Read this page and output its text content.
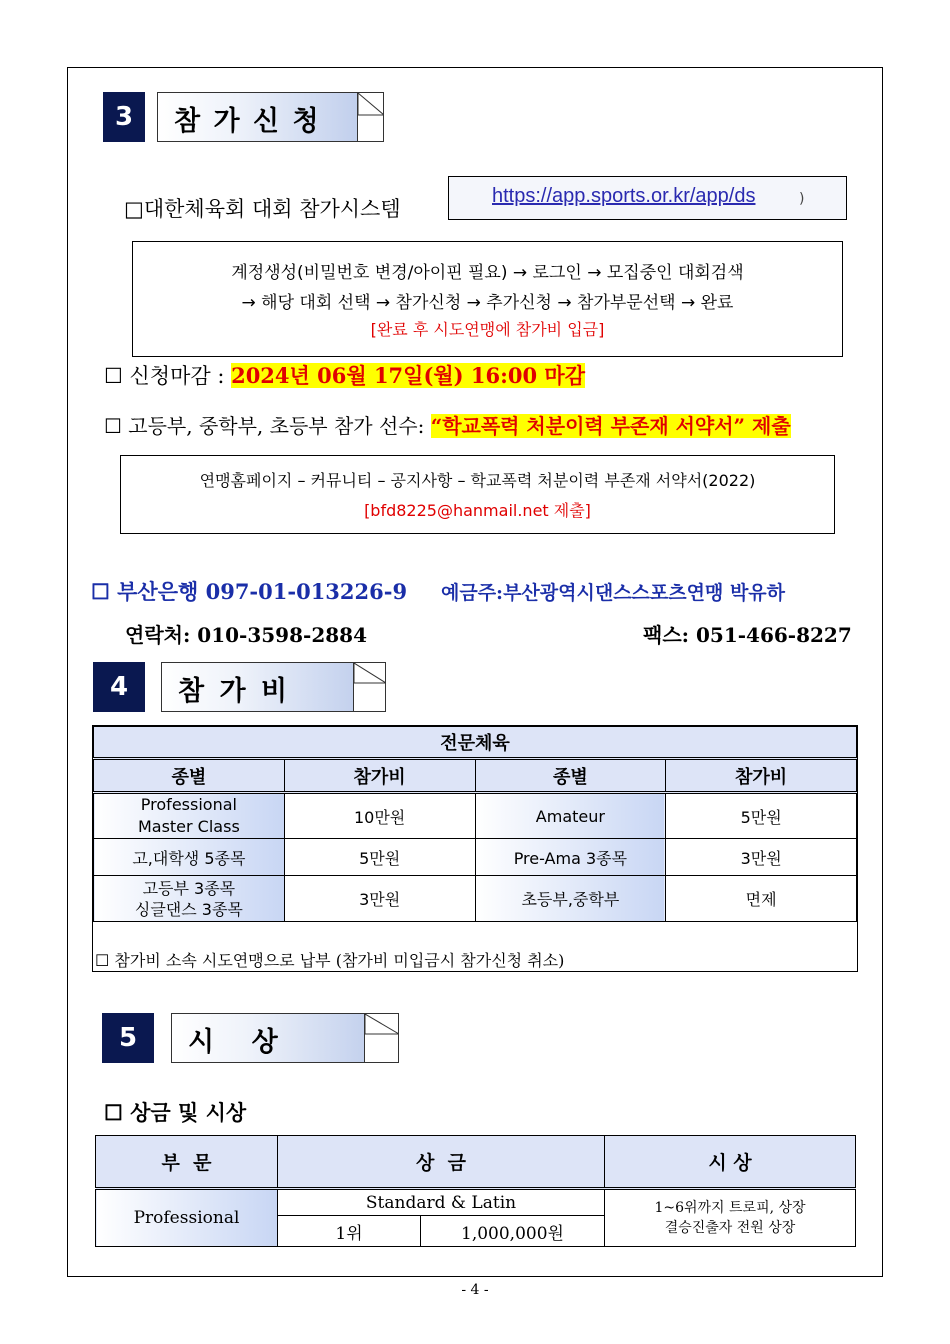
3	참 가 신 청
□대한체육회 대회 참가시스템
https://app.sports.or.kr/app/ds	)
계정생성(비밀번호 변경/아이핀 필요) → 로그인 → 모집중인 대회검색
→ 해당 대회 선택 → 참가신청 → 추가신청 → 참가부문선택 → 완료
[완료 후 시도연맹에 참가비 입금]
☐ 신청마감 : 2024년 06월 17일(월) 16:00 마감
☐ 고등부, 중학부, 초등부 참가 선수: “학교폭력 처분이력 부존재 서약서” 제출
연맹홈페이지 – 커뮤니티 – 공지사항 – 학교폭력 처분이력 부존재 서약서(2022)
[bfd8225@hanmail.net 제출]
☐ 부산은행 097-01-013226-9 예금주:부산광역시댄스스포츠연맹 박유하
연락처: 010-3598-2884	팩스: 051-466-8227
4	참 가 비
전문체육			
종별	참가비	종별	참가비
Professional
Master Class	10만원	Amateur	5만원
고,대학생 5종목	5만원	Pre-Ama 3종목	3만원
고등부 3종목
싱글댄스 3종목	3만원	초등부,중학부	면제
☐ 참가비 소속 시도연맹으로 납부 (참가비 미입금시 참가신청 취소)
5	시    상
☐ 상금 및 시상
부  문	상  금		시 상
Professional	Standard & Latin		1~6위까지 트로피, 상장
결승진출자 전원 상장

	1위	1,000,000원	
- 4 -
